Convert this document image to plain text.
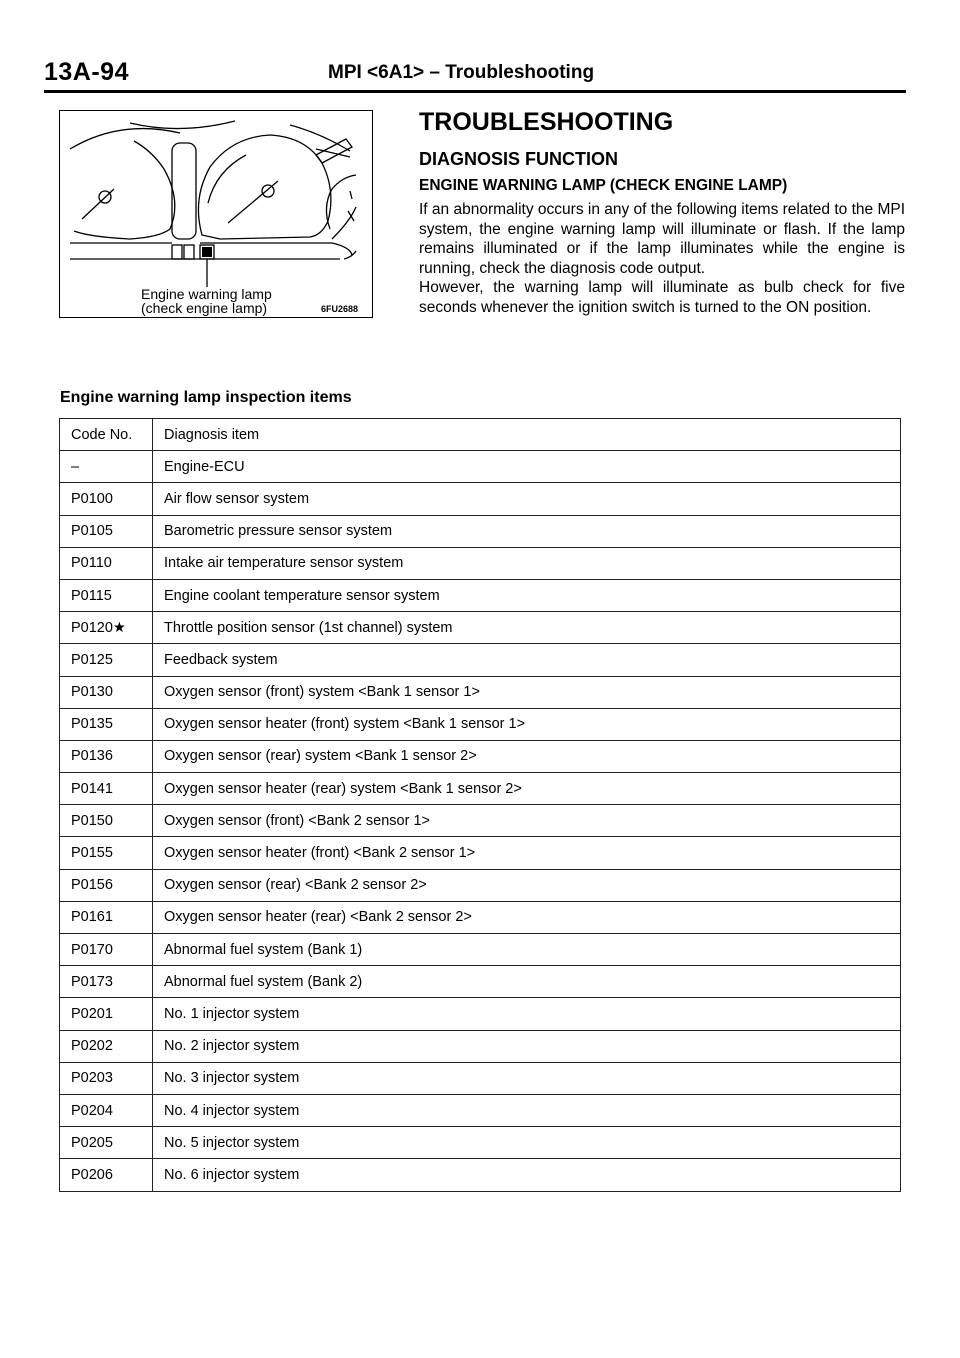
13A-94	MPI <6A1> – Troubleshooting
Engine warning lamp
(check engine lamp)	6FU2688
TROUBLESHOOTING
DIAGNOSIS FUNCTION
ENGINE WARNING LAMP (CHECK ENGINE LAMP)

If an abnormality occurs in any of the following items related to the MPI system, the engine warning lamp will illuminate or flash. If the lamp remains illuminated or if the lamp illuminates while the engine is running, check the diagnosis code output.

However, the warning lamp will illuminate as bulb check for five seconds whenever the ignition switch is turned to the ON position.

Engine warning lamp inspection items
Code No.	Diagnosis item
–	Engine-ECU
P0100	Air flow sensor system
P0105	Barometric pressure sensor system
P0110	Intake air temperature sensor system
P0115	Engine coolant temperature sensor system
P0120★	Throttle position sensor (1st channel) system
P0125	Feedback system
P0130	Oxygen sensor (front) system <Bank 1 sensor 1>
P0135	Oxygen sensor heater (front) system <Bank 1 sensor 1>
P0136	Oxygen sensor (rear) system <Bank 1 sensor 2>
P0141	Oxygen sensor heater (rear) system <Bank 1 sensor 2>
P0150	Oxygen sensor (front) <Bank 2 sensor 1>
P0155	Oxygen sensor heater (front) <Bank 2 sensor 1>
P0156	Oxygen sensor (rear) <Bank 2 sensor 2>
P0161	Oxygen sensor heater (rear) <Bank 2 sensor 2>
P0170	Abnormal fuel system (Bank 1)
P0173	Abnormal fuel system (Bank 2)
P0201	No. 1 injector system
P0202	No. 2 injector system
P0203	No. 3 injector system
P0204	No. 4 injector system
P0205	No. 5 injector system
P0206	No. 6 injector system
